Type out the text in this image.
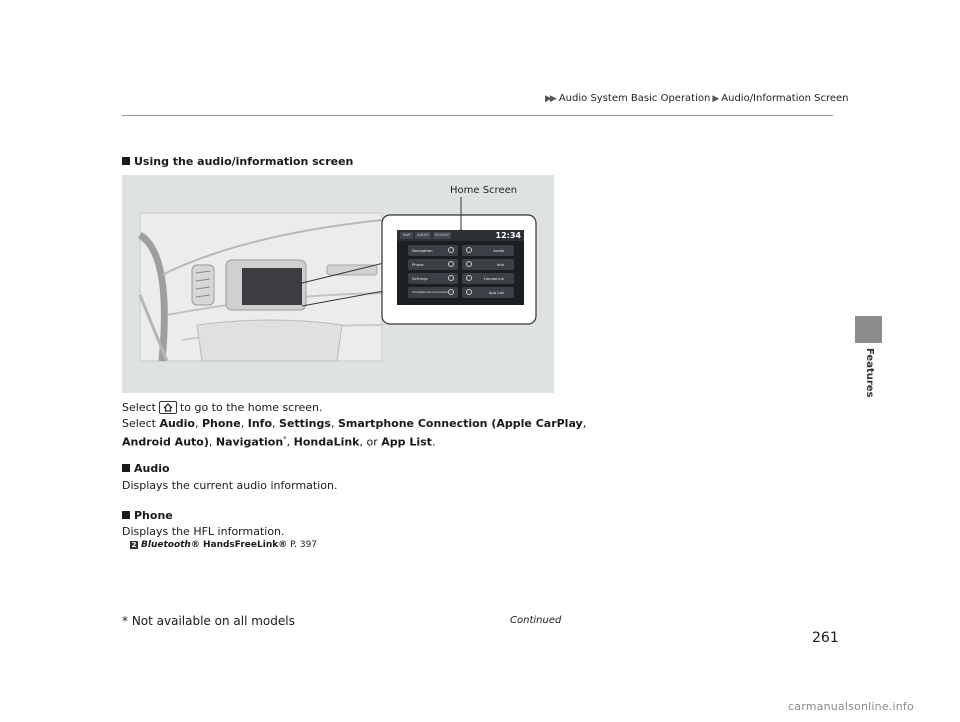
▶▶ Audio System Basic Operation ▶ Audio/Information Screen
Features
Using the audio/information screen
Home Screen
MAP	AUDIO	SOURCE	12:34
Navigation
Phone
Settings
Smartphone Connection
Audio
Info
HondaLink
App List
Select to go to the home screen.
Select Audio, Phone, Info, Settings, Smartphone Connection (Apple CarPlay,
Android Auto), Navigation*, HondaLink, or App List.
Audio
Displays the current audio information.
Phone
Displays the HFL information.
2 Bluetooth® HandsFreeLink® P. 397
* Not available on all models	Continued
261
carmanualsonline.info
